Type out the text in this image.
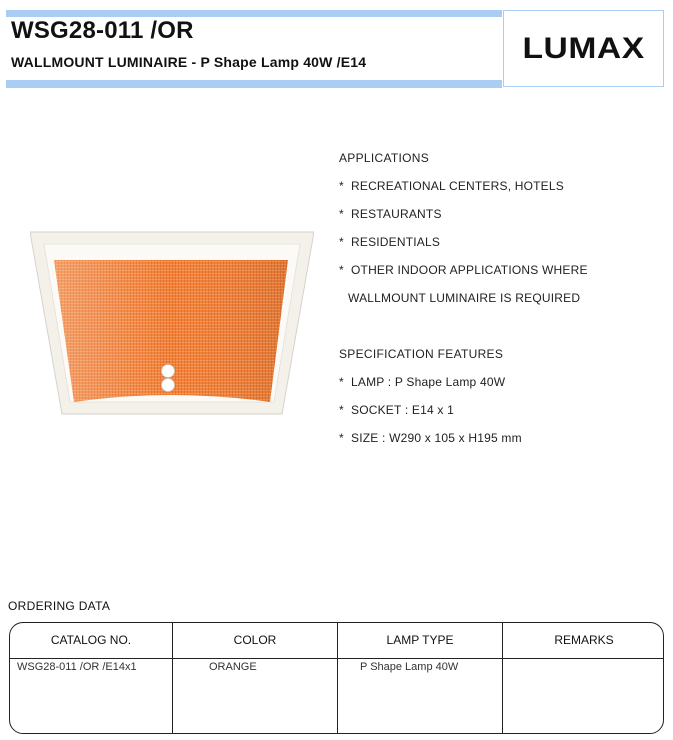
WSG28-011 /OR
WALLMOUNT LUMINAIRE - P Shape Lamp 40W /E14	LUMAX
APPLICATIONS
* RECREATIONAL CENTERS, HOTELS
* RESTAURANTS
* RESIDENTIALS
* OTHER INDOOR APPLICATIONS WHERE
WALLMOUNT LUMINAIRE IS REQUIRED
SPECIFICATION FEATURES
* LAMP : P Shape Lamp 40W
* SOCKET : E14 x 1
* SIZE : W290 x 105 x H195 mm
ORDERING DATA
CATALOG NO.	COLOR	LAMP TYPE	REMARKS
WSG28-011 /OR /E14x1	ORANGE	P Shape Lamp 40W
